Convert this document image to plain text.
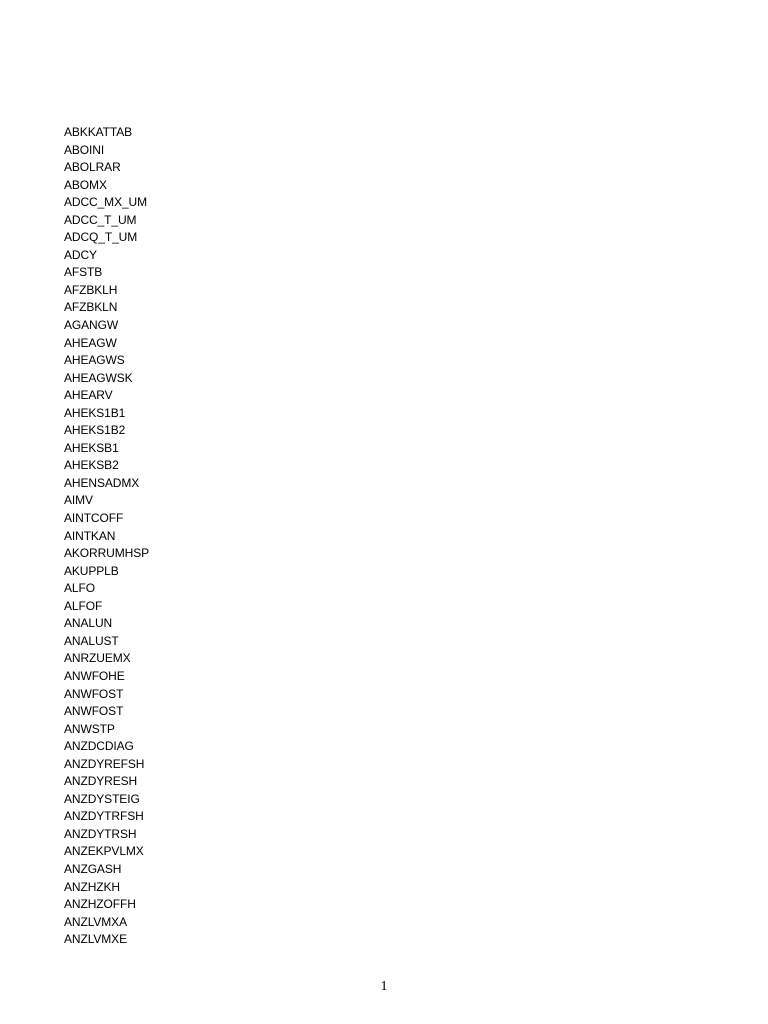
ABKKATTAB
ABOINI
ABOLRAR
ABOMX
ADCC_MX_UM
ADCC_T_UM
ADCQ_T_UM
ADCY
AFSTB
AFZBKLH
AFZBKLN
AGANGW
AHEAGW
AHEAGWS
AHEAGWSK
AHEARV
AHEKS1B1
AHEKS1B2
AHEKSB1
AHEKSB2
AHENSADMX
AIMV
AINTCOFF
AINTKAN
AKORRUMHSP
AKUPPLB
ALFO
ALFOF
ANALUN
ANALUST
ANRZUEMX
ANWFOHE
ANWFOST
ANWFOST
ANWSTP
ANZDCDIAG
ANZDYREFSH
ANZDYRESH
ANZDYSTEIG
ANZDYTRFSH
ANZDYTRSH
ANZEKPVLMX
ANZGASH
ANZHZKH
ANZHZOFFH
ANZLVMXA
ANZLVMXE
1
